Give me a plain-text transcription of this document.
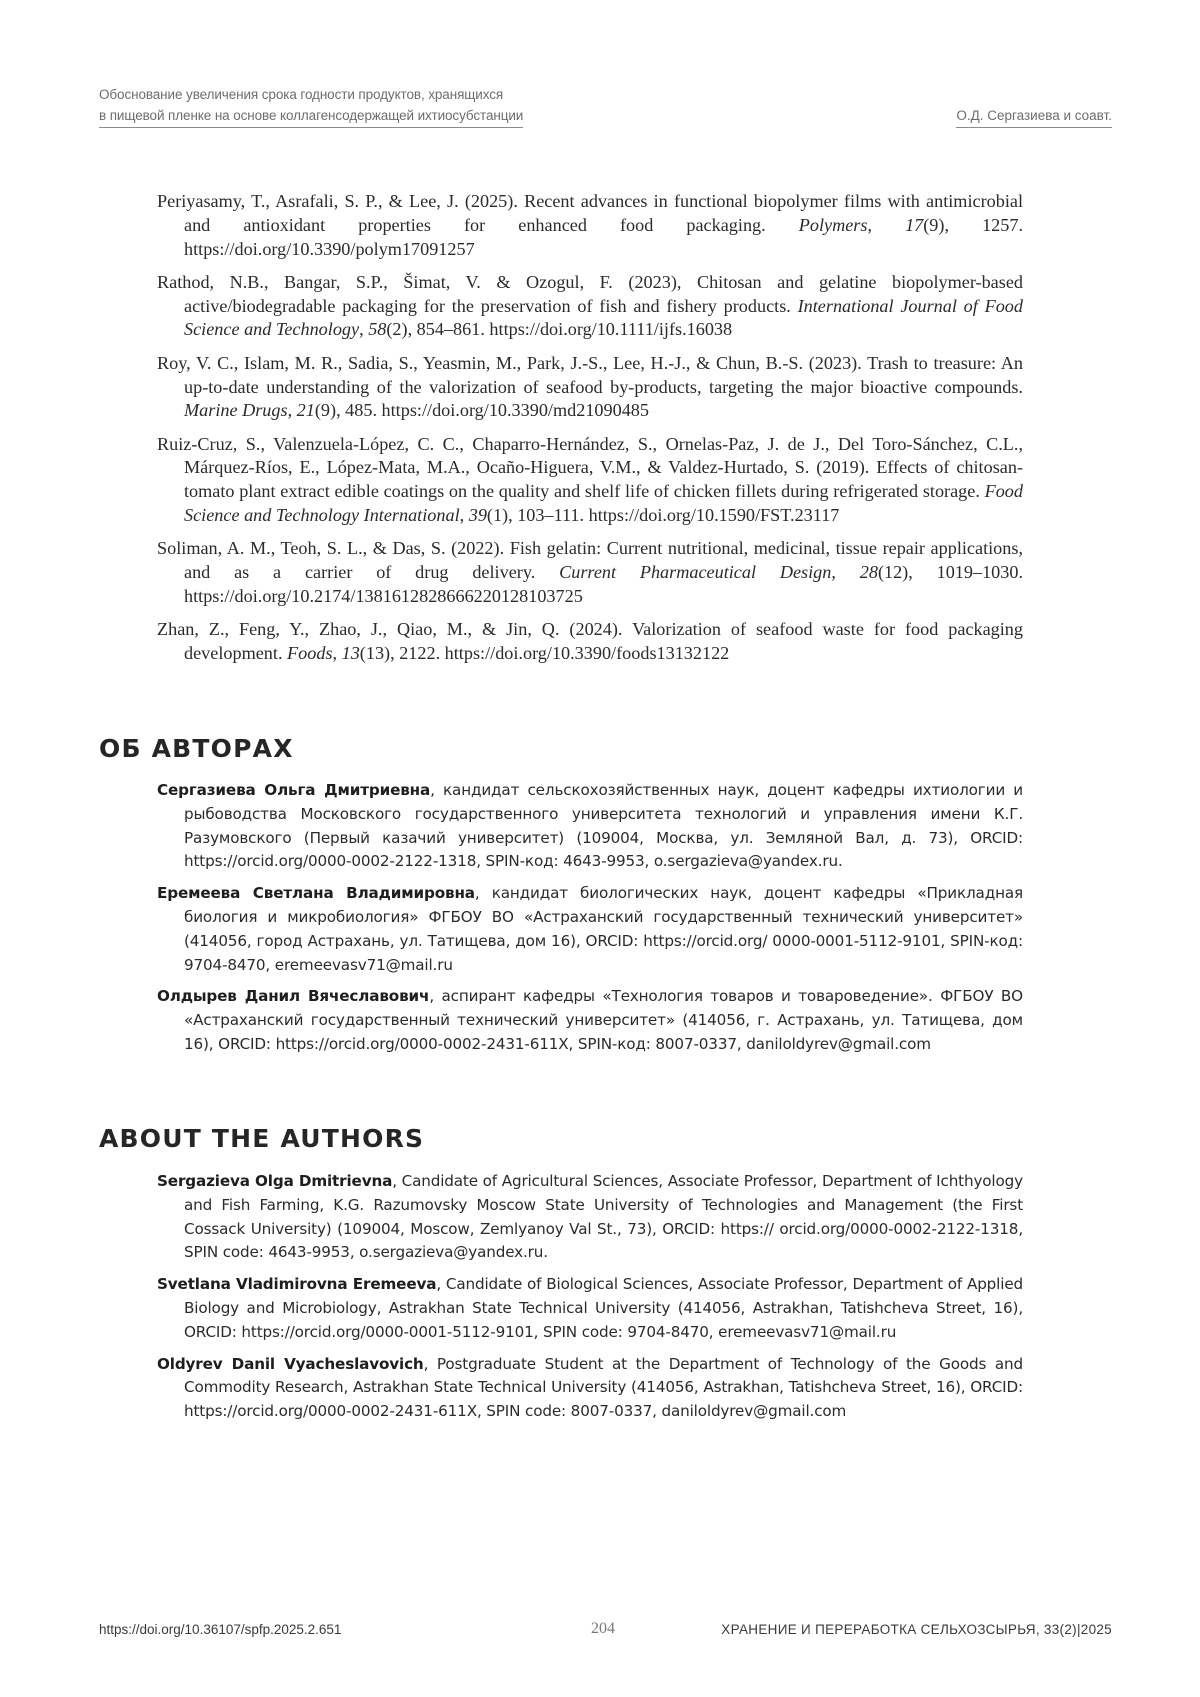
Обоснование увеличения срока годности продуктов, хранящихся
в пищевой пленке на основе коллагенсодержащей ихтиосубстанции	О.Д. Сергазиева и соавт.

Periyasamy, T., Asrafali, S. P., & Lee, J. (2025). Recent advances in functional biopolymer films with antimicrobial and antioxidant properties for enhanced food packaging. Polymers, 17(9), 1257. https://doi.org/10.3390/polym17091257

Rathod, N.B., Bangar, S.P., Šimat, V. & Ozogul, F. (2023), Chitosan and gelatine biopolymer-based active/biodegradable packaging for the preservation of fish and fishery products. International Journal of Food Science and Technology, 58(2), 854–861. https://doi.org/10.1111/ijfs.16038

Roy, V. C., Islam, M. R., Sadia, S., Yeasmin, M., Park, J.-S., Lee, H.-J., & Chun, B.-S. (2023). Trash to treasure: An up-to-date understanding of the valorization of seafood by-products, targeting the major bioactive compounds. Marine Drugs, 21(9), 485. https://doi.org/10.3390/md21090485

Ruiz-Cruz, S., Valenzuela-López, C. C., Chaparro-Hernández, S., Ornelas-Paz, J. de J., Del Toro-Sánchez, C.L., Márquez-Ríos, E., López-Mata, M.A., Ocaño-Higuera, V.M., & Valdez-Hurtado, S. (2019). Effects of chitosan-tomato plant extract edible coatings on the quality and shelf life of chicken fillets during refrigerated storage. Food Science and Technology International, 39(1), 103–111. https://doi.org/10.1590/FST.23117

Soliman, A. M., Teoh, S. L., & Das, S. (2022). Fish gelatin: Current nutritional, medicinal, tissue repair applications, and as a carrier of drug delivery. Current Pharmaceutical Design, 28(12), 1019–1030. https://doi.org/10.2174/1381612828666220128103725

Zhan, Z., Feng, Y., Zhao, J., Qiao, M., & Jin, Q. (2024). Valorization of seafood waste for food packaging development. Foods, 13(13), 2122. https://doi.org/10.3390/foods13132122

ОБ АВТОРАХ

Сергазиева Ольга Дмитриевна, кандидат сельскохозяйственных наук, доцент кафедры ихтиологии и рыбоводства Московского государственного университета технологий и управления имени К.Г. Разумовского (Первый казачий университет) (109004, Москва, ул. Земляной Вал, д. 73), ORCID: https://orcid.org/0000-0002-2122-1318, SPIN-код: 4643-9953, o.sergazieva@yandex.ru.

Еремеева Светлана Владимировна, кандидат биологических наук, доцент кафедры «Прикладная биология и микробиология» ФГБОУ ВО «Астраханский государственный технический университет» (414056, город Астрахань, ул. Татищева, дом 16), ORCID: https://orcid.org/ 0000-0001-5112-9101, SPIN-код: 9704-8470, eremeevasv71@mail.ru

Олдырев Данил Вячеславович, аспирант кафедры «Технология товаров и товароведение». ФГБОУ ВО «Астраханский государственный технический университет» (414056, г. Астрахань, ул. Татищева, дом 16), ORCID: https://orcid.org/0000-0002-2431-611X, SPIN-код: 8007-0337, daniloldyrev@gmail.com

ABOUT THE AUTHORS

Sergazieva Olga Dmitrievna, Candidate of Agricultural Sciences, Associate Professor, Department of Ichthyology and Fish Farming, K.G. Razumovsky Moscow State University of Technologies and Management (the First Cossack University) (109004, Moscow, Zemlyanoy Val St., 73), ORCID: https:// orcid.org/0000-0002-2122-1318, SPIN code: 4643-9953, o.sergazieva@yandex.ru.

Svetlana Vladimirovna Eremeeva, Candidate of Biological Sciences, Associate Professor, Department of Applied Biology and Microbiology, Astrakhan State Technical University (414056, Astrakhan, Tatishcheva Street, 16), ORCID: https://orcid.org/0000-0001-5112-9101, SPIN code: 9704-8470, eremeevasv71@mail.ru

Oldyrev Danil Vyacheslavovich, Postgraduate Student at the Department of Technology of the Goods and Commodity Research, Astrakhan State Technical University (414056, Astrakhan, Tatishcheva Street, 16), ORCID: https://orcid.org/0000-0002-2431-611X, SPIN code: 8007-0337, daniloldyrev@gmail.com

https://doi.org/10.36107/spfp.2025.2.651	204	ХРАНЕНИЕ И ПЕРЕРАБОТКА СЕЛЬХОЗСЫРЬЯ, 33(2)|2025
